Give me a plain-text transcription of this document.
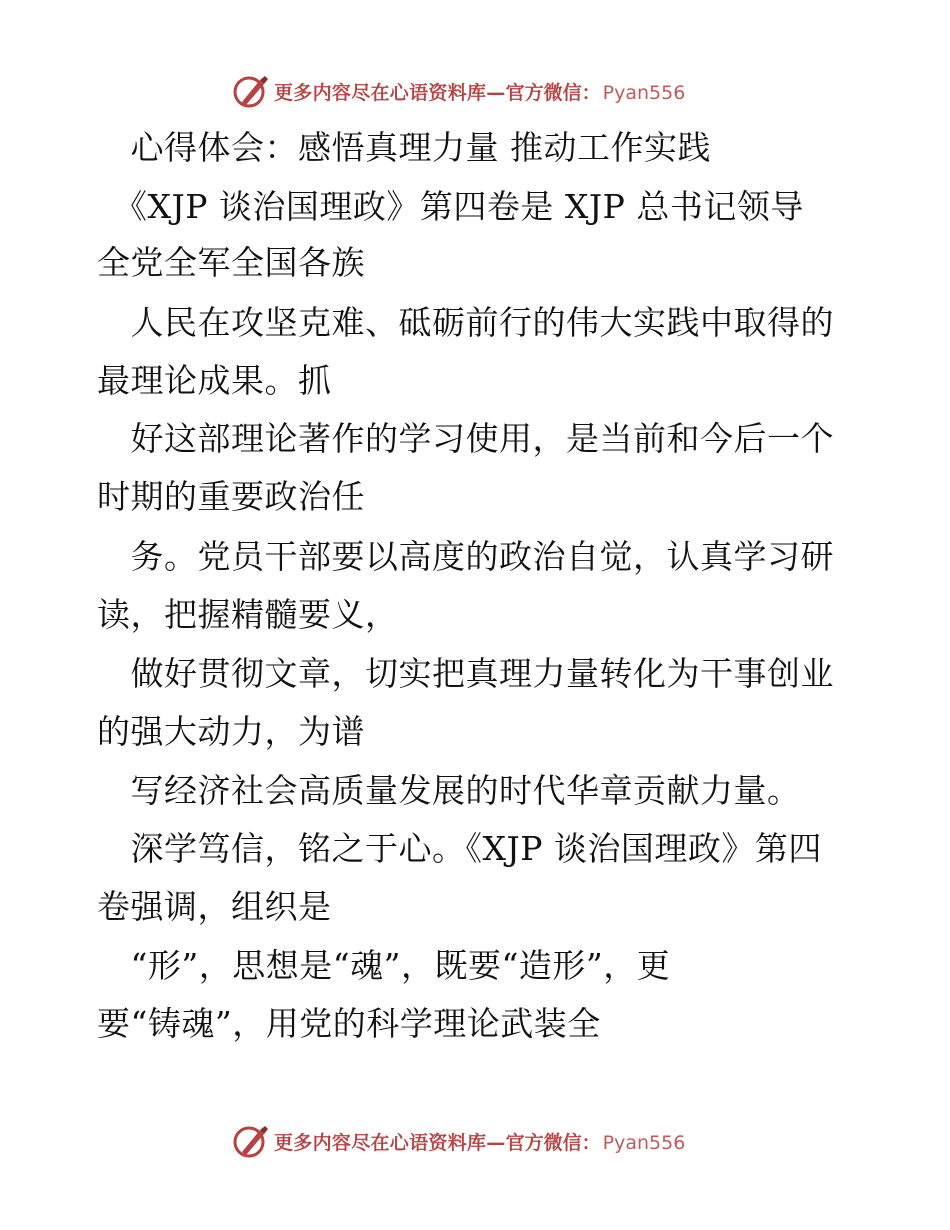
更多内容尽在心语资料库— 官方微信： Pyan556
　心得体会：感悟真理力量 推动工作实践
　《XJP 谈治国理政》第四卷是 XJP 总书记领导
全党全军全国各族
　人民在攻坚克难、砥砺前行的伟大实践中取得的
最理论成果。抓
　好这部理论著作的学习使用，是当前和今后一个
时期的重要政治任
　务。党员干部要以高度的政治自觉，认真学习研
读，把握精髓要义，
　做好贯彻文章，切实把真理力量转化为干事创业
的强大动力，为谱
　写经济社会高质量发展的时代华章贡献力量。
　深学笃信，铭之于心。《XJP 谈治国理政》第四
卷强调，组织是
　“形”，思想是“魂”，既要“造形”，更
要“铸魂”，用党的科学理论武装全
更多内容尽在心语资料库— 官方微信： Pyan556
